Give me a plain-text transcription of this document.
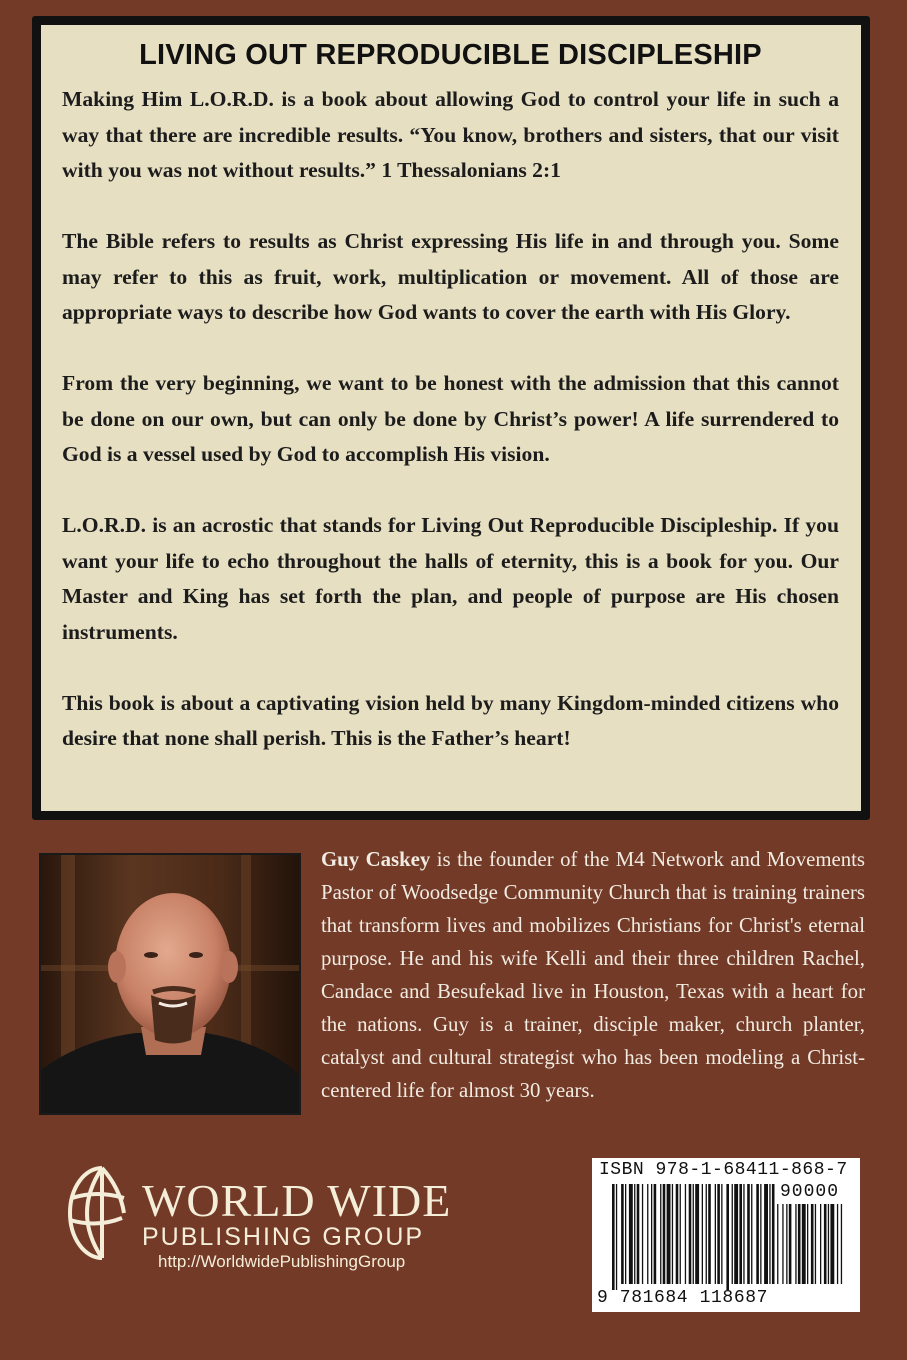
LIVING OUT REPRODUCIBLE DISCIPLESHIP

Making Him L.O.R.D. is a book about allowing God to control your life in such a way that there are incredible results. “You know, brothers and sisters, that our visit with you was not without results.” 1 Thessalonians 2:1

The Bible refers to results as Christ expressing His life in and through you. Some may refer to this as fruit, work, multiplication or movement. All of those are appropriate ways to describe how God wants to cover the earth with His Glory.

From the very beginning, we want to be honest with the admission that this cannot be done on our own, but can only be done by Christ’s power! A life surrendered to God is a vessel used by God to accomplish His vision.

L.O.R.D. is an acrostic that stands for Living Out Reproducible Discipleship. If you want your life to echo throughout the halls of eternity, this is a book for you. Our Master and King has set forth the plan, and people of purpose are His chosen instruments.

This book is about a captivating vision held by many Kingdom-minded citizens who desire that none shall perish. This is the Father’s heart!

Guy Caskey is the founder of the M4 Network and Movements Pastor of Woodsedge Community Church that is training trainers that transform lives and mobilizes Christians for Christ's eternal purpose. He and his wife Kelli and their three children Rachel, Candace and Besufekad live in Houston, Texas with a heart for the nations. Guy is a trainer, disciple maker, church planter, catalyst and cultural strategist who has been modeling a Christ-centered life for almost 30 years.
WORLD WIDE
PUBLISHING GROUP
http://WorldwidePublishingGroup
ISBN 978-1-68411-868-7
90000
9 781684 118687
